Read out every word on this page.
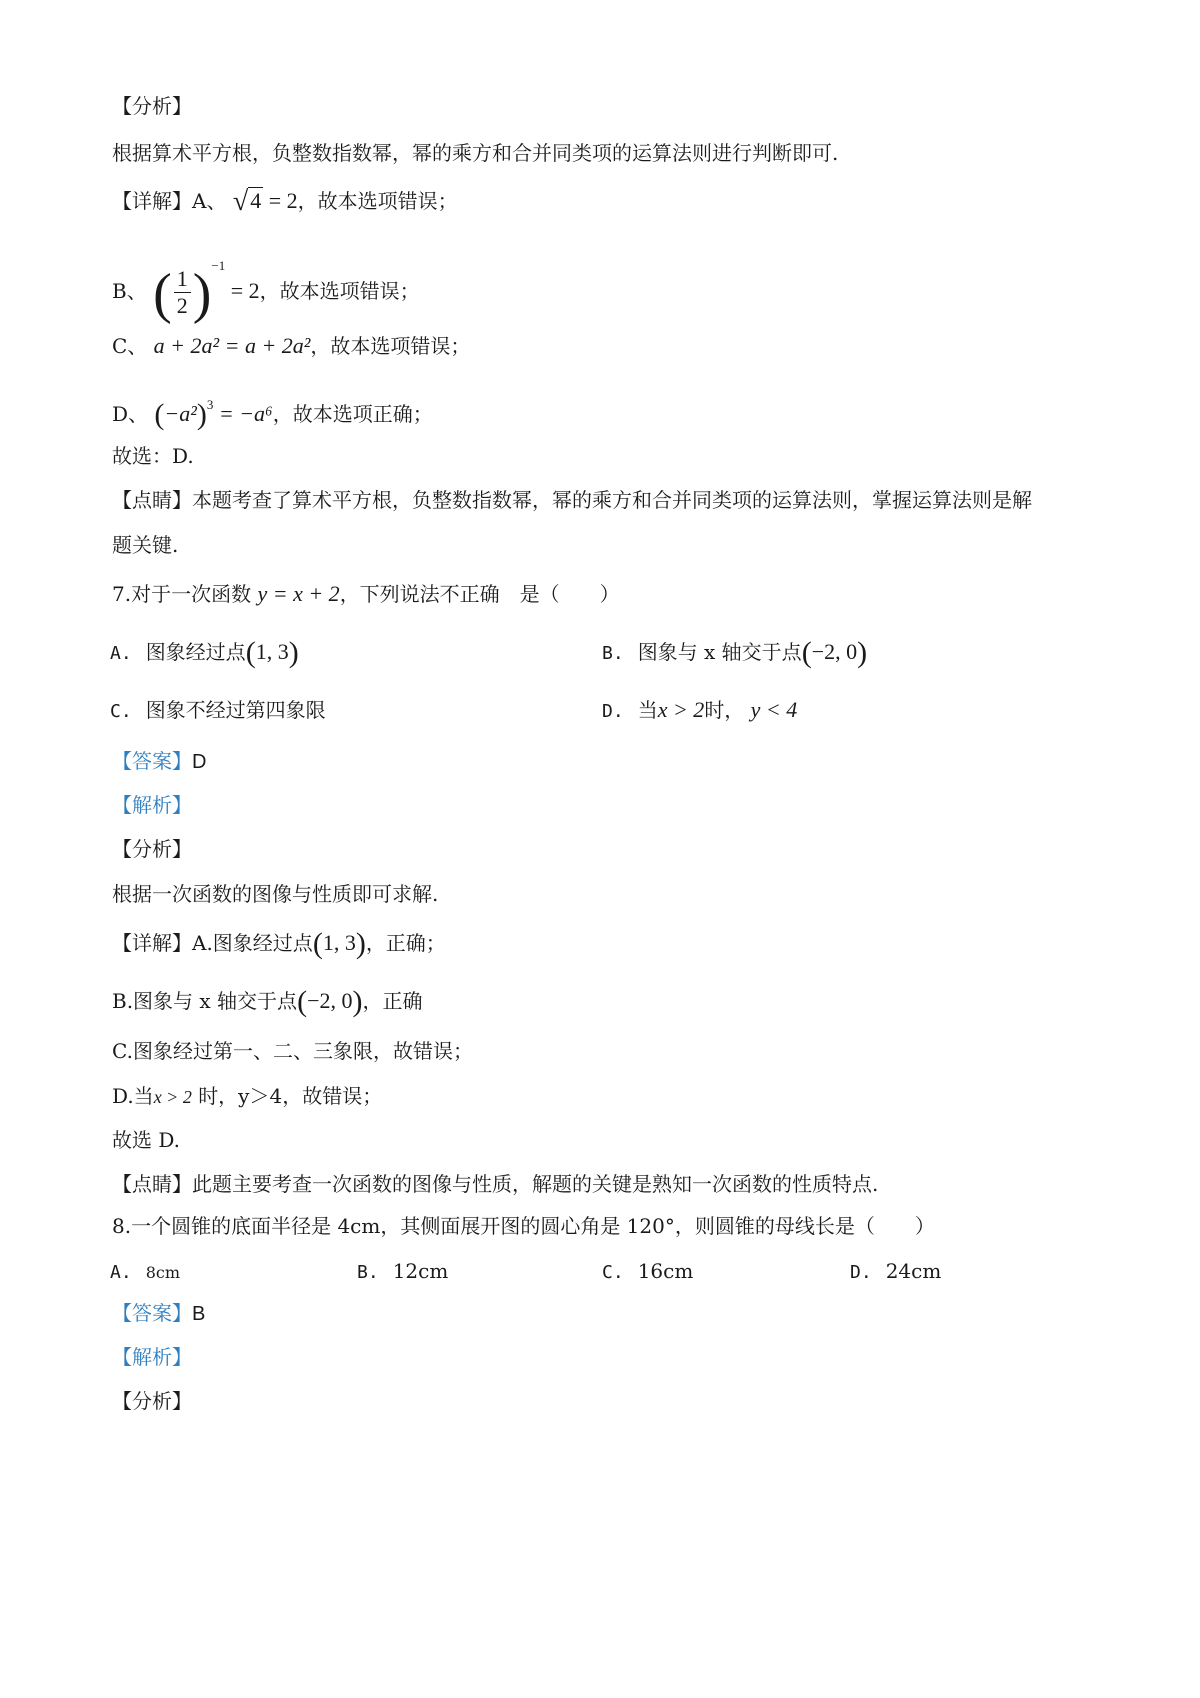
【分析】
根据算术平方根，负整数指数幂，幂的乘方和合并同类项的运算法则进行判断即可.
【详解】A、 √4 = 2，故本选项错误；
B、 ( $\frac{1}{2} )^{-1} = 2$，故本选项错误；
C、 a + 2a² = a + 2a²，故本选项错误；
D、 $(-a^2)^3 = -a^6$，故本选项正确；
故选：D.
【点睛】本题考查了算术平方根，负整数指数幂，幂的乘方和合并同类项的运算法则，掌握运算法则是解
题关键.
7.对于一次函数 y = x + 2，下列说法不正确　是（　　）
A. 图象经过点(1, 3)	B. 图象与 x 轴交于点(−2, 0)
C. 图象不经过第四象限	D. 当x > 2时， y < 4
【答案】D
【解析】
【分析】
根据一次函数的图像与性质即可求解.
【详解】A.图象经过点(1, 3)，正确；
B.图象与 x 轴交于点(−2, 0)，正确
C.图象经过第一、二、三象限，故错误；
D.当x > 2 时，y＞4，故错误；
故选 D.
【点睛】此题主要考查一次函数的图像与性质，解题的关键是熟知一次函数的性质特点.
8.一个圆锥的底面半径是 4cm，其侧面展开图的圆心角是 120°，则圆锥的母线长是（　　）
A. 8cm	B. 12cm	C. 16cm	D. 24cm
【答案】B
【解析】
【分析】
